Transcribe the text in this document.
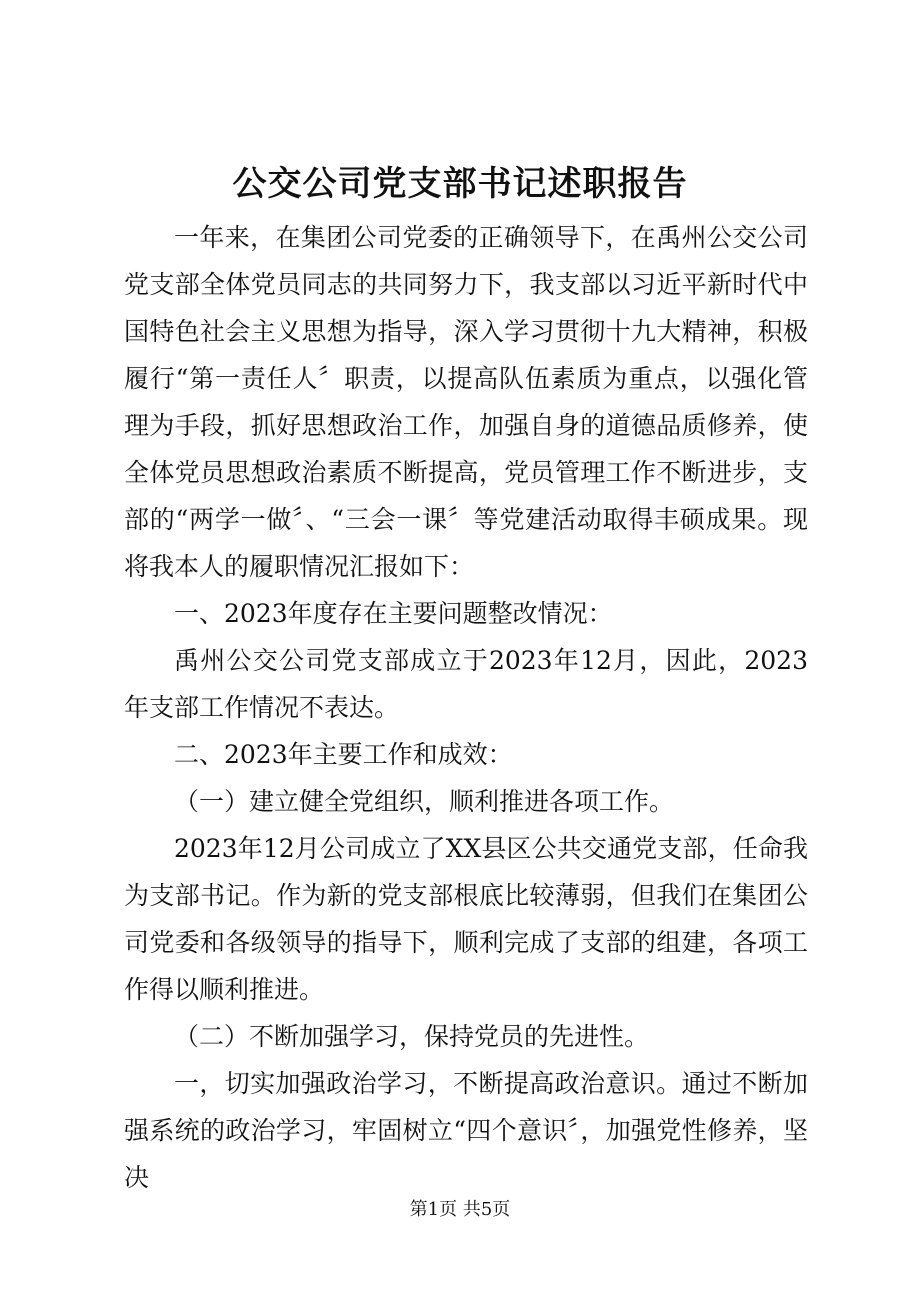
公交公司党支部书记述职报告

一年来，在集团公司党委的正确领导下，在禹州公交公司党支部全体党员同志的共同努力下，我支部以习近平新时代中国特色社会主义思想为指导，深入学习贯彻十九大精神，积极履行“第一责任人〞职责，以提高队伍素质为重点，以强化管理为手段，抓好思想政治工作，加强自身的道德品质修养，使全体党员思想政治素质不断提高，党员管理工作不断进步，支部的“两学一做〞、“三会一课〞等党建活动取得丰硕成果。现将我本人的履职情况汇报如下：

一、2023年度存在主要问题整改情况：

禹州公交公司党支部成立于2023年12月，因此，2023年支部工作情况不表达。

二、2023年主要工作和成效：

（一）建立健全党组织，顺利推进各项工作。

2023年12月公司成立了XX县区公共交通党支部，任命我为支部书记。作为新的党支部根底比较薄弱，但我们在集团公司党委和各级领导的指导下，顺利完成了支部的组建，各项工作得以顺利推进。

（二）不断加强学习，保持党员的先进性。

一，切实加强政治学习，不断提高政治意识。通过不断加强系统的政治学习，牢固树立“四个意识〞，加强党性修养，坚决

第1页 共5页
